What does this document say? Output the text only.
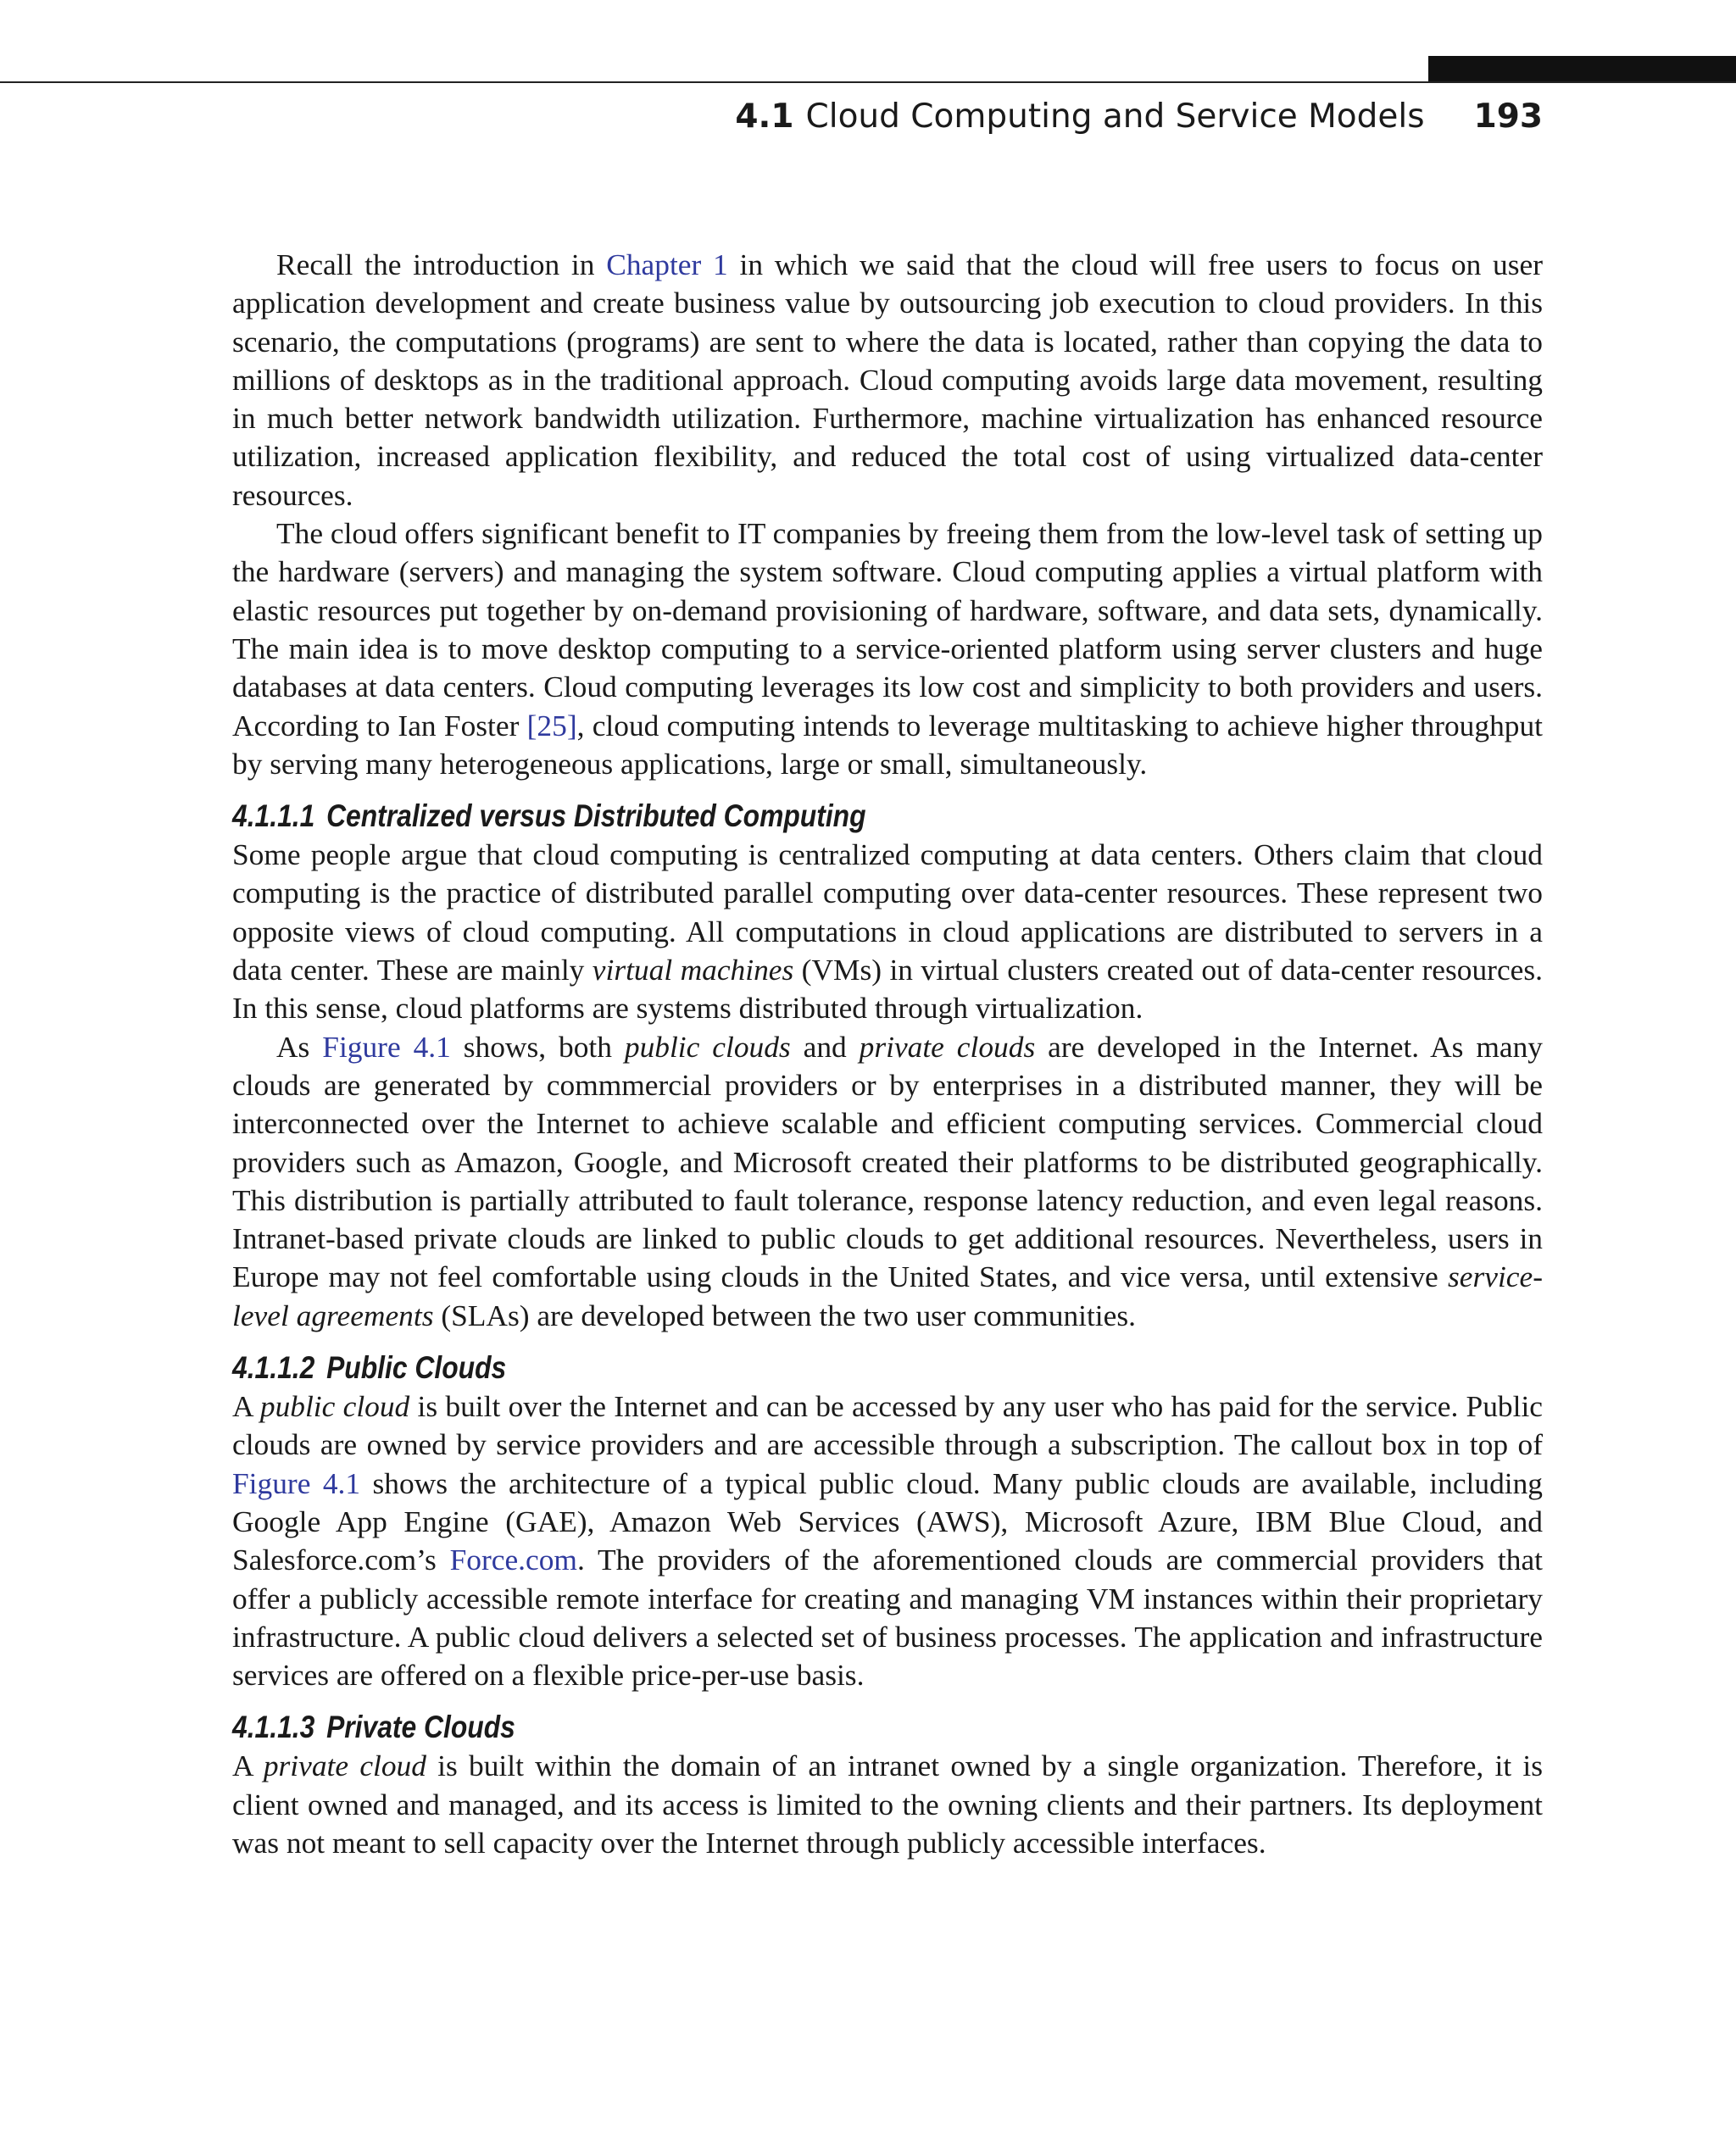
4.1 Cloud Computing and Service Models 193

Recall the introduction in Chapter 1 in which we said that the cloud will free users to focus on user application development and create business value by outsourcing job execution to cloud providers. In this scenario, the computations (programs) are sent to where the data is located, rather than copying the data to millions of desktops as in the traditional approach. Cloud computing avoids large data movement, resulting in much better network bandwidth utilization. Furthermore, machine virtualization has enhanced resource utilization, increased application flexibility, and reduced the total cost of using virtualized data-center resources.

The cloud offers significant benefit to IT companies by freeing them from the low-level task of setting up the hardware (servers) and managing the system software. Cloud computing applies a virtual platform with elastic resources put together by on-demand provisioning of hardware, software, and data sets, dynamically. The main idea is to move desktop computing to a service-oriented platform using server clusters and huge databases at data centers. Cloud computing leverages its low cost and simplicity to both providers and users. According to Ian Foster [25], cloud computing intends to leverage multitasking to achieve higher throughput by serving many heterogeneous applications, large or small, simultaneously.

4.1.1.1 Centralized versus Distributed Computing

Some people argue that cloud computing is centralized computing at data centers. Others claim that cloud computing is the practice of distributed parallel computing over data-center resources. These represent two opposite views of cloud computing. All computations in cloud applications are distributed to servers in a data center. These are mainly virtual machines (VMs) in virtual clusters created out of data-center resources. In this sense, cloud platforms are systems distributed through virtualization.

As Figure 4.1 shows, both public clouds and private clouds are developed in the Internet. As many clouds are generated by commmercial providers or by enterprises in a distributed manner, they will be interconnected over the Internet to achieve scalable and efficient computing services. Commercial cloud providers such as Amazon, Google, and Microsoft created their platforms to be distributed geographically. This distribution is partially attributed to fault tolerance, response latency reduction, and even legal reasons. Intranet-based private clouds are linked to public clouds to get additional resources. Nevertheless, users in Europe may not feel comfortable using clouds in the United States, and vice versa, until extensive service-level agreements (SLAs) are developed between the two user communities.

4.1.1.2 Public Clouds

A public cloud is built over the Internet and can be accessed by any user who has paid for the service. Public clouds are owned by service providers and are accessible through a subscription. The callout box in top of Figure 4.1 shows the architecture of a typical public cloud. Many public clouds are available, including Google App Engine (GAE), Amazon Web Services (AWS), Microsoft Azure, IBM Blue Cloud, and Salesforce.com’s Force.com. The providers of the aforementioned clouds are commercial providers that offer a publicly accessible remote interface for creating and managing VM instances within their proprietary infrastructure. A public cloud delivers a selected set of business processes. The application and infrastructure services are offered on a flexible price-per-use basis.

4.1.1.3 Private Clouds

A private cloud is built within the domain of an intranet owned by a single organization. Therefore, it is client owned and managed, and its access is limited to the owning clients and their partners. Its deployment was not meant to sell capacity over the Internet through publicly accessible interfaces.
